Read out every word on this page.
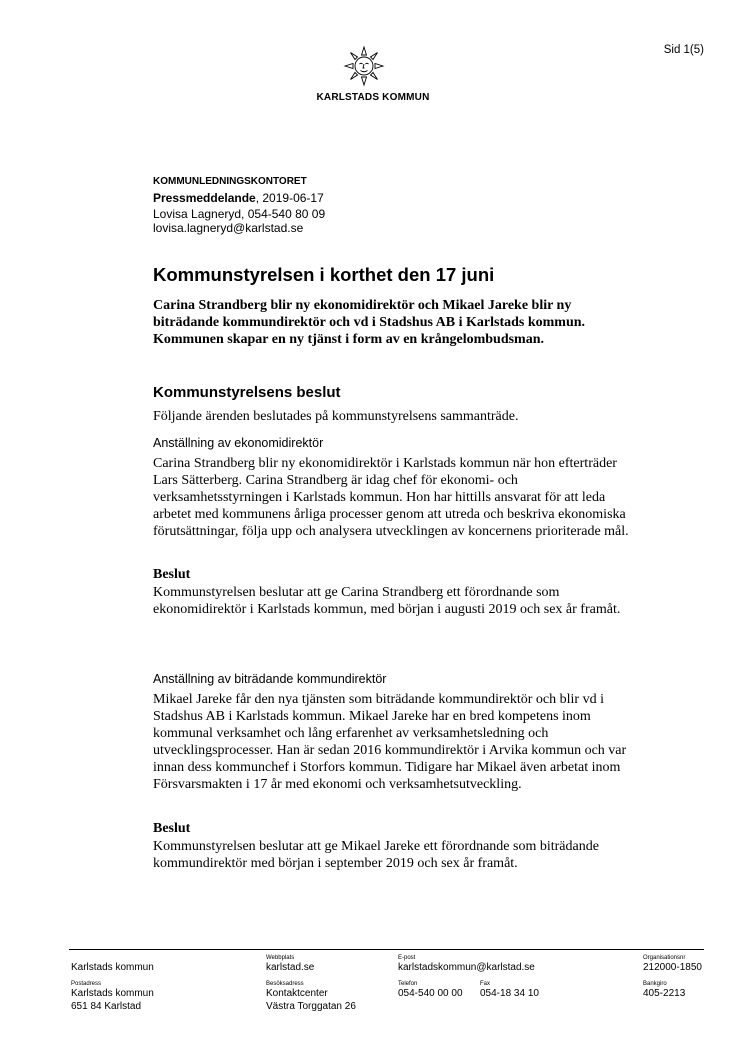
Sid 1(5)
KARLSTADS KOMMUN
KOMMUNLEDNINGSKONTORET
Pressmeddelande, 2019-06-17
Lovisa Lagneryd, 054-540 80 09
lovisa.lagneryd@karlstad.se
Kommunstyrelsen i korthet den 17 juni

Carina Strandberg blir ny ekonomidirektör och Mikael Jareke blir ny biträdande kommundirektör och vd i Stadshus AB i Karlstads kommun. Kommunen skapar en ny tjänst i form av en krångelombudsman.

Kommunstyrelsens beslut

Följande ärenden beslutades på kommunstyrelsens sammanträde.

Anställning av ekonomidirektör

Carina Strandberg blir ny ekonomidirektör i Karlstads kommun när hon efterträder Lars Sätterberg. Carina Strandberg är idag chef för ekonomi- och verksamhetsstyrningen i Karlstads kommun. Hon har hittills ansvarat för att leda arbetet med kommunens årliga processer genom att utreda och beskriva ekonomiska förutsättningar, följa upp och analysera utvecklingen av koncernens prioriterade mål.

Beslut

Kommunstyrelsen beslutar att ge Carina Strandberg ett förordnande som ekonomidirektör i Karlstads kommun, med början i augusti 2019 och sex år framåt.

Anställning av biträdande kommundirektör

Mikael Jareke får den nya tjänsten som biträdande kommundirektör och blir vd i Stadshus AB i Karlstads kommun. Mikael Jareke har en bred kompetens inom kommunal verksamhet och lång erfarenhet av verksamhetsledning och utvecklingsprocesser. Han är sedan 2016 kommundirektör i Arvika kommun och var innan dess kommunchef i Storfors kommun. Tidigare har Mikael även arbetat inom Försvarsmakten i 17 år med ekonomi och verksamhetsutveckling.

Beslut

Kommunstyrelsen beslutar att ge Mikael Jareke ett förordnande som biträdande kommundirektör med början i september 2019 och sex år framåt.

Karlstads kommun
Webbplats
karlstad.se
E-post
karlstadskommun@karlstad.se
Organisationsnr
212000-1850
Postadress
Karlstads kommun
651 84 Karlstad
Besöksadress
Kontaktcenter
Västra Torggatan 26
Telefon
054-540 00 00
Fax
054-18 34 10
Bankgiro
405-2213
